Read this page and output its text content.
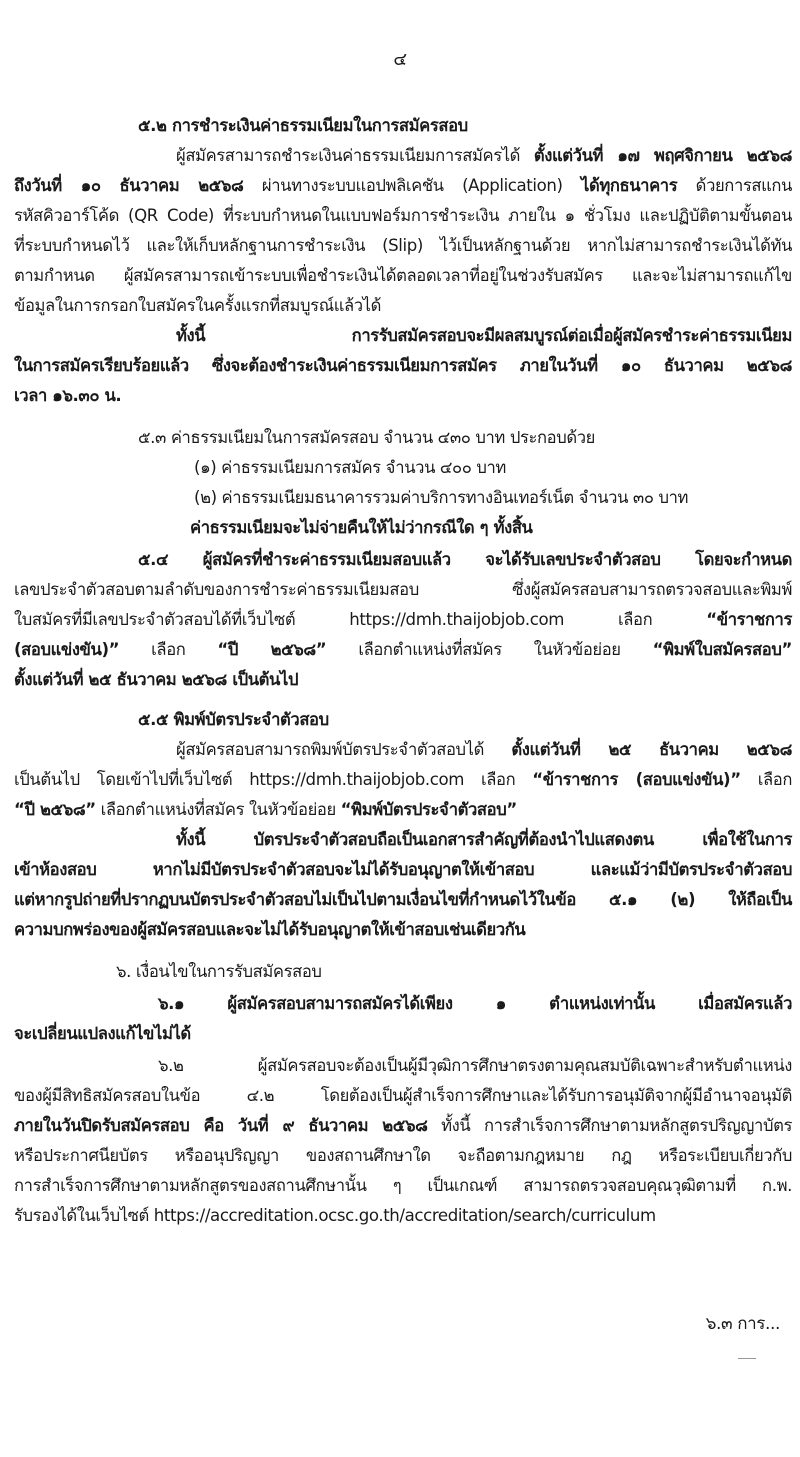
๔
๕.๒ การชำระเงินค่าธรรมเนียมในการสมัครสอบ
ผู้สมัครสามารถชำระเงินค่าธรรมเนียมการสมัครได้ ตั้งแต่วันที่ ๑๗ พฤศจิกายน ๒๕๖๘
ถึงวันที่ ๑๐ ธันวาคม ๒๕๖๘ ผ่านทางระบบแอปพลิเคชัน (Application) ได้ทุกธนาคาร ด้วยการสแกน
รหัสคิวอาร์โค้ด (QR Code) ที่ระบบกำหนดในแบบฟอร์มการชำระเงิน ภายใน ๑ ชั่วโมง และปฏิบัติตามขั้นตอน
ที่ระบบกำหนดไว้ และให้เก็บหลักฐานการชำระเงิน (Slip) ไว้เป็นหลักฐานด้วย หากไม่สามารถชำระเงินได้ทัน
ตามกำหนด ผู้สมัครสามารถเข้าระบบเพื่อชำระเงินได้ตลอดเวลาที่อยู่ในช่วงรับสมัคร และจะไม่สามารถแก้ไข
ข้อมูลในการกรอกใบสมัครในครั้งแรกที่สมบูรณ์แล้วได้
ทั้งนี้ การรับสมัครสอบจะมีผลสมบูรณ์ต่อเมื่อผู้สมัครชำระค่าธรรมเนียม
ในการสมัครเรียบร้อยแล้ว ซึ่งจะต้องชำระเงินค่าธรรมเนียมการสมัคร ภายในวันที่ ๑๐ ธันวาคม ๒๕๖๘
เวลา ๑๖.๓๐ น.
๕.๓ ค่าธรรมเนียมในการสมัครสอบ จำนวน ๔๓๐ บาท ประกอบด้วย
(๑) ค่าธรรมเนียมการสมัคร จำนวน ๔๐๐ บาท
(๒) ค่าธรรมเนียมธนาคารรวมค่าบริการทางอินเทอร์เน็ต จำนวน ๓๐ บาท
ค่าธรรมเนียมจะไม่จ่ายคืนให้ไม่ว่ากรณีใด ๆ ทั้งสิ้น
๕.๔ ผู้สมัครที่ชำระค่าธรรมเนียมสอบแล้ว จะได้รับเลขประจำตัวสอบ โดยจะกำหนด
เลขประจำตัวสอบตามลำดับของการชำระค่าธรรมเนียมสอบ ซึ่งผู้สมัครสอบสามารถตรวจสอบและพิมพ์
ใบสมัครที่มีเลขประจำตัวสอบได้ที่เว็บไซต์ https://dmh.thaijobjob.com เลือก “ข้าราชการ
(สอบแข่งขัน)” เลือก “ปี ๒๕๖๘” เลือกตำแหน่งที่สมัคร ในหัวข้อย่อย “พิมพ์ใบสมัครสอบ”
ตั้งแต่วันที่ ๒๕ ธันวาคม ๒๕๖๘ เป็นต้นไป
๕.๕ พิมพ์บัตรประจำตัวสอบ
ผู้สมัครสอบสามารถพิมพ์บัตรประจำตัวสอบได้ ตั้งแต่วันที่ ๒๕ ธันวาคม ๒๕๖๘
เป็นต้นไป โดยเข้าไปที่เว็บไซต์ https://dmh.thaijobjob.com เลือก “ข้าราชการ (สอบแข่งขัน)” เลือก
“ปี ๒๕๖๘” เลือกตำแหน่งที่สมัคร ในหัวข้อย่อย “พิมพ์บัตรประจำตัวสอบ”
ทั้งนี้ บัตรประจำตัวสอบถือเป็นเอกสารสำคัญที่ต้องนำไปแสดงตน เพื่อใช้ในการ
เข้าห้องสอบ หากไม่มีบัตรประจำตัวสอบจะไม่ได้รับอนุญาตให้เข้าสอบ และแม้ว่ามีบัตรประจำตัวสอบ
แต่หากรูปถ่ายที่ปรากฏบนบัตรประจำตัวสอบไม่เป็นไปตามเงื่อนไขที่กำหนดไว้ในข้อ ๕.๑ (๒) ให้ถือเป็น
ความบกพร่องของผู้สมัครสอบและจะไม่ได้รับอนุญาตให้เข้าสอบเช่นเดียวกัน
๖. เงื่อนไขในการรับสมัครสอบ
๖.๑ ผู้สมัครสอบสามารถสมัครได้เพียง ๑ ตำแหน่งเท่านั้น เมื่อสมัครแล้ว
จะเปลี่ยนแปลงแก้ไขไม่ได้
๖.๒ ผู้สมัครสอบจะต้องเป็นผู้มีวุฒิการศึกษาตรงตามคุณสมบัติเฉพาะสำหรับตำแหน่ง
ของผู้มีสิทธิสมัครสอบในข้อ ๔.๒ โดยต้องเป็นผู้สำเร็จการศึกษาและได้รับการอนุมัติจากผู้มีอำนาจอนุมัติ
ภายในวันปิดรับสมัครสอบ คือ วันที่ ๙ ธันวาคม ๒๕๖๘ ทั้งนี้ การสำเร็จการศึกษาตามหลักสูตรปริญญาบัตร
หรือประกาศนียบัตร หรืออนุปริญญา ของสถานศึกษาใด จะถือตามกฎหมาย กฎ หรือระเบียบเกี่ยวกับ
การสำเร็จการศึกษาตามหลักสูตรของสถานศึกษานั้น ๆ เป็นเกณฑ์ สามารถตรวจสอบคุณวุฒิตามที่ ก.พ.
รับรองได้ในเว็บไซต์ https://accreditation.ocsc.go.th/accreditation/search/curriculum
๖.๓ การ...
